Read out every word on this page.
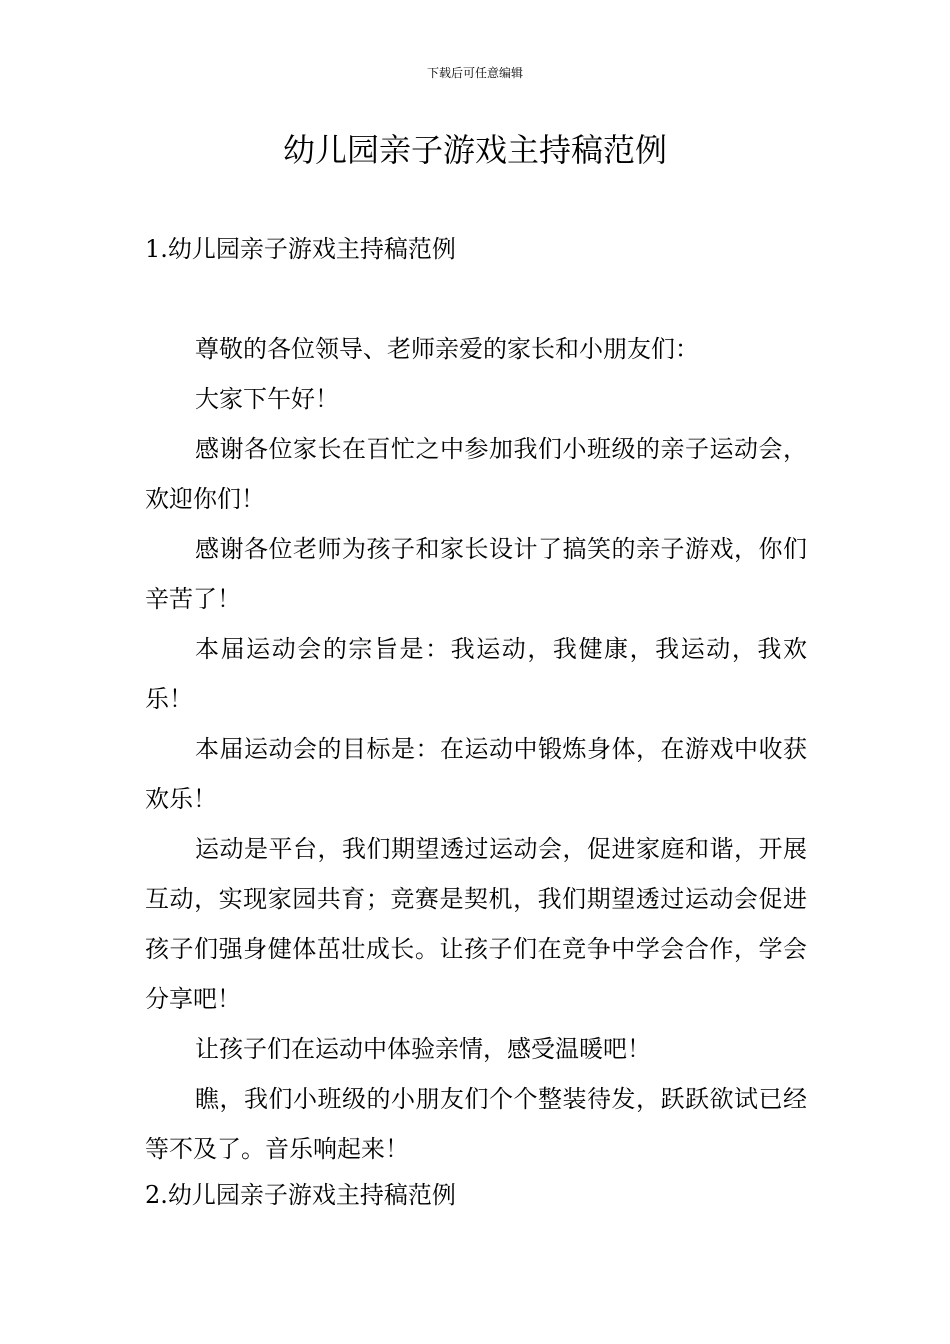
下载后可任意编辑
幼儿园亲子游戏主持稿范例
1.幼儿园亲子游戏主持稿范例

尊敬的各位领导、老师亲爱的家长和小朋友们：

大家下午好！

感谢各位家长在百忙之中参加我们小班级的亲子运动会，欢迎你们！

感谢各位老师为孩子和家长设计了搞笑的亲子游戏，你们辛苦了！

本届运动会的宗旨是：我运动，我健康，我运动，我欢乐！

本届运动会的目标是：在运动中锻炼身体，在游戏中收获欢乐！

运动是平台，我们期望透过运动会，促进家庭和谐，开展互动，实现家园共育；竞赛是契机，我们期望透过运动会促进孩子们强身健体茁壮成长。让孩子们在竞争中学会合作，学会分享吧！

让孩子们在运动中体验亲情，感受温暖吧！

瞧，我们小班级的小朋友们个个整装待发，跃跃欲试已经等不及了。音乐响起来！

2.幼儿园亲子游戏主持稿范例
